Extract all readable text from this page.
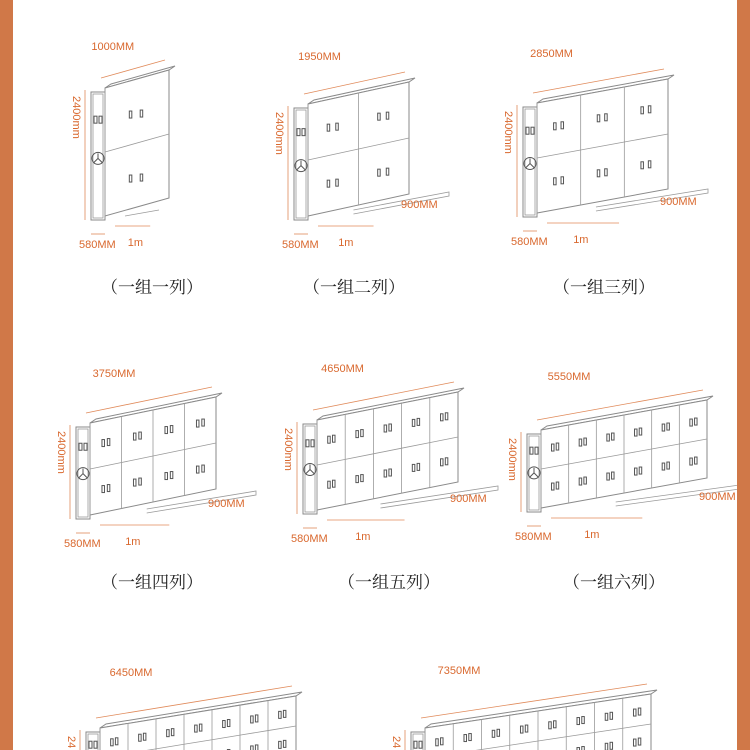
1000MM
2400mm
580MM 1m
（一组一列）
1950MM
2400mm
900MM
580MM 1m
（一组二列）
2850MM
2400mm
900MM
580MM 1m
（一组三列）
3750MM
2400mm
900MM
580MM 1m
（一组四列）
4650MM
2400mm
900MM
580MM	1m
（一组五列）
5550MM
2400mm
900MM
580MM	1m
（一组六列）
6450MM
24
7350MM
24
